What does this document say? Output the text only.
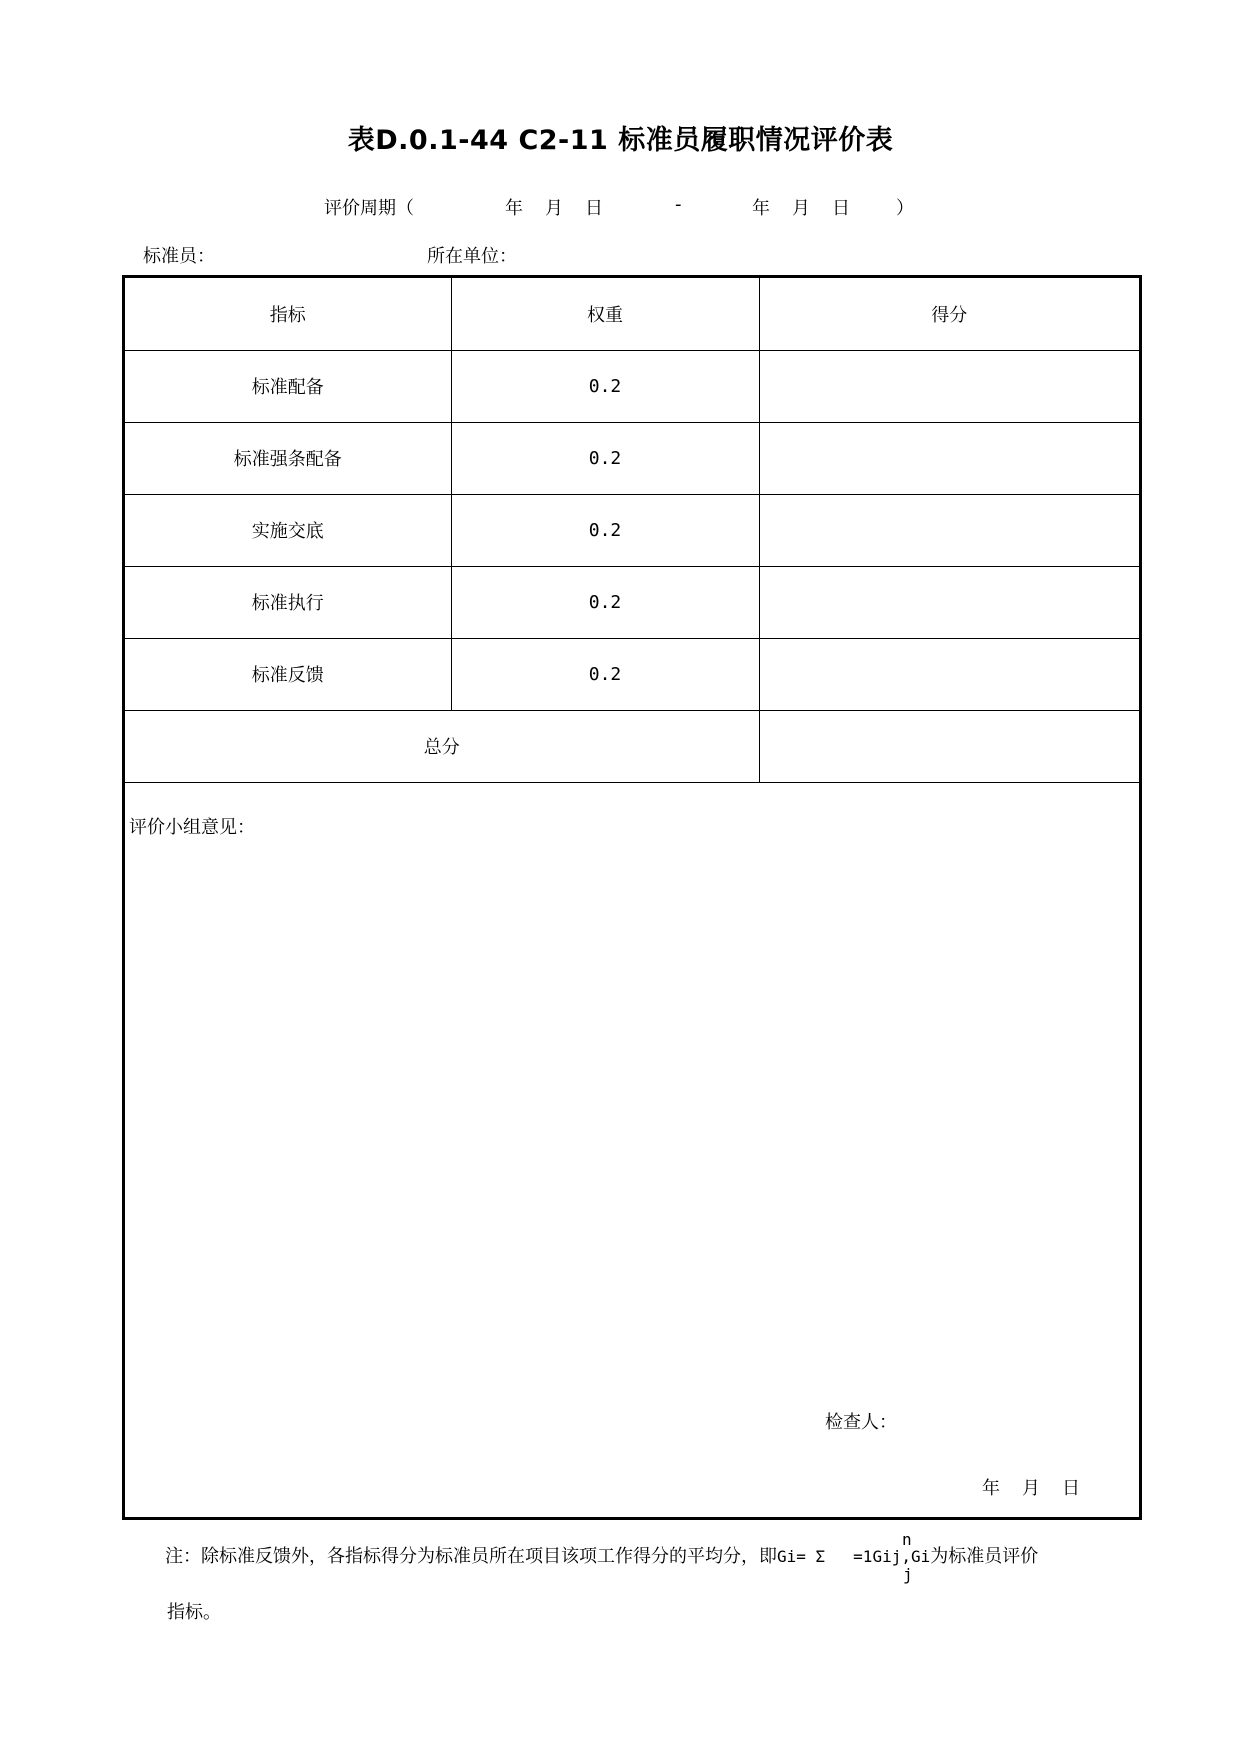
表D.0.1-44 C2-11 标准员履职情况评价表
评价周期（	年 月 日	-	年 月 日	）
标准员：	所在单位：
指标	权重	得分
标准配备	0.2	
标准强条配备	0.2	
实施交底	0.2	
标准执行	0.2	
标准反馈	0.2	
总分		
评价小组意见：
检查人：
年 月 日
注：除标准反馈外，各指标得分为标准员所在项目该项工作得分的平均分，即Gi= Σ =1Gij,Gi为标准员评价
n
j
指标。
